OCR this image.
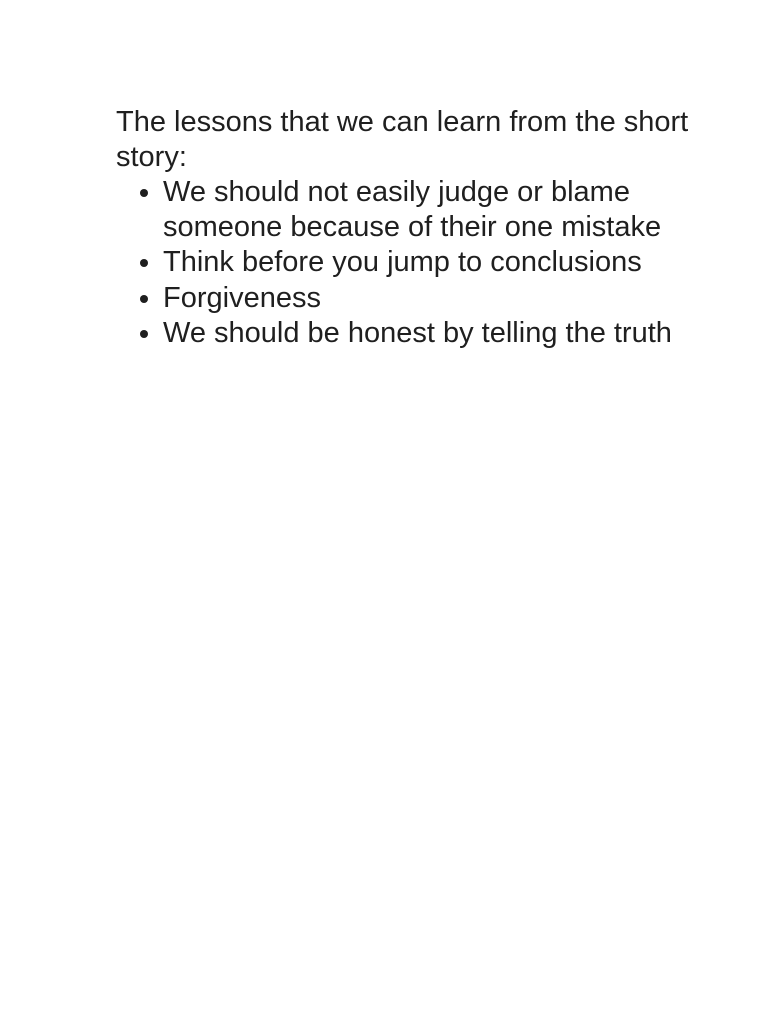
The lessons that we can learn from the short story:

We should not easily judge or blame someone because of their one mistake
Think before you jump to conclusions
Forgiveness
We should be honest by telling the truth
